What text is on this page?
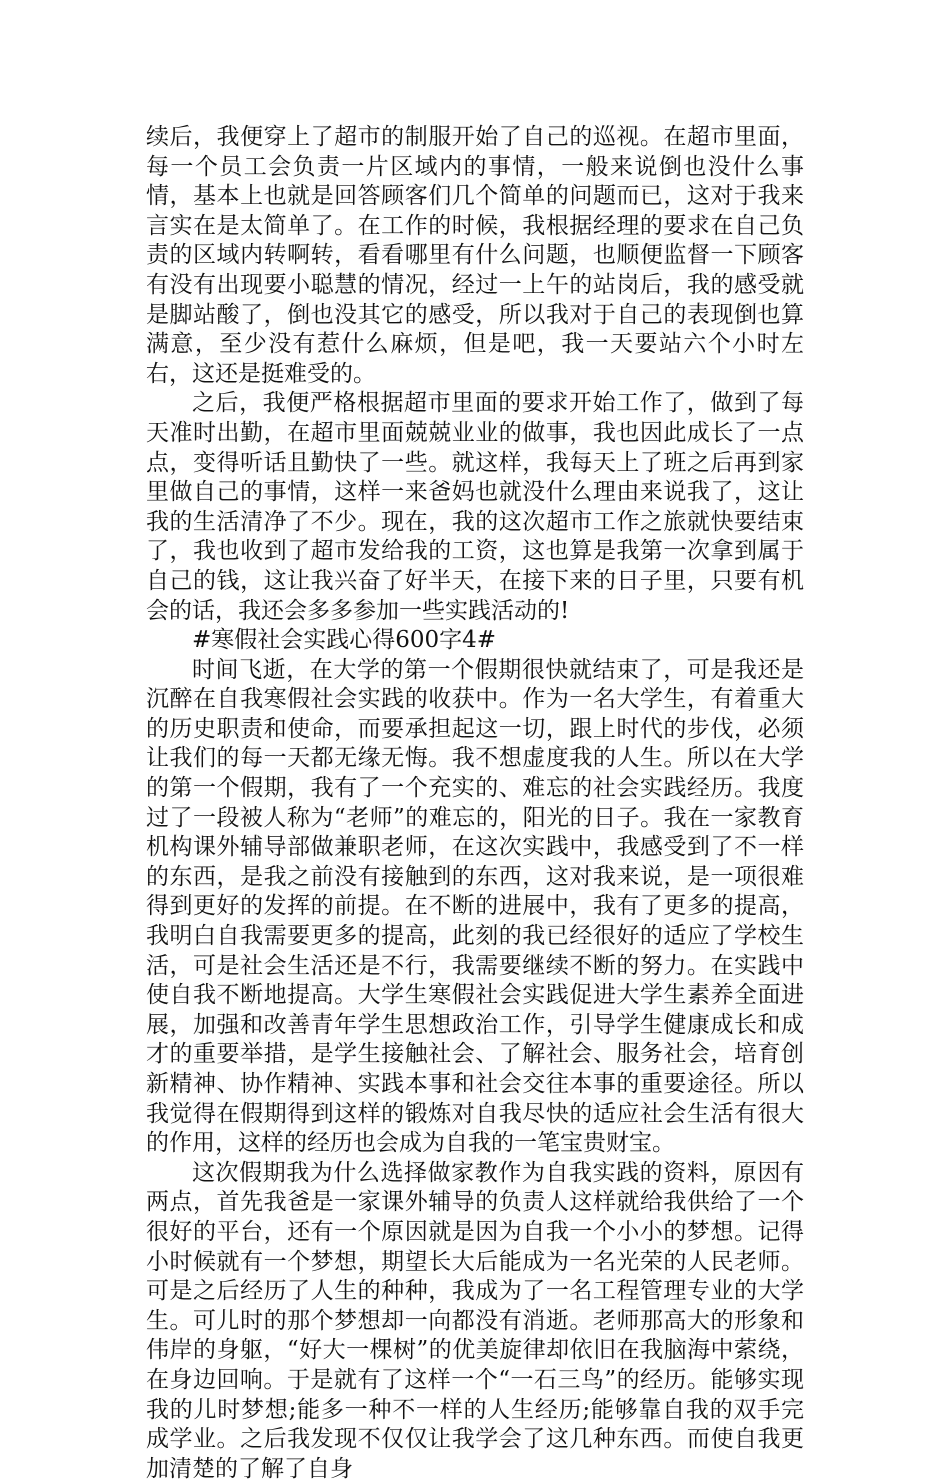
续后，我便穿上了超市的制服开始了自己的巡视。在超市里面，每一个员工会负责一片区域内的事情，一般来说倒也没什么事情，基本上也就是回答顾客们几个简单的问题而已，这对于我来言实在是太简单了。在工作的时候，我根据经理的要求在自己负责的区域内转啊转，看看哪里有什么问题，也顺便监督一下顾客有没有出现要小聪慧的情况，经过一上午的站岗后，我的感受就是脚站酸了，倒也没其它的感受，所以我对于自己的表现倒也算满意，至少没有惹什么麻烦，但是吧，我一天要站六个小时左右，这还是挺难受的。

之后，我便严格根据超市里面的要求开始工作了，做到了每天准时出勤，在超市里面兢兢业业的做事，我也因此成长了一点点，变得听话且勤快了一些。就这样，我每天上了班之后再到家里做自己的事情，这样一来爸妈也就没什么理由来说我了，这让我的生活清净了不少。现在，我的这次超市工作之旅就快要结束了，我也收到了超市发给我的工资，这也算是我第一次拿到属于自己的钱，这让我兴奋了好半天，在接下来的日子里，只要有机会的话，我还会多多参加一些实践活动的!

#寒假社会实践心得600字4#

时间飞逝，在大学的第一个假期很快就结束了，可是我还是沉醉在自我寒假社会实践的收获中。作为一名大学生，有着重大的历史职责和使命，而要承担起这一切，跟上时代的步伐，必须让我们的每一天都无缘无悔。我不想虚度我的人生。所以在大学的第一个假期，我有了一个充实的、难忘的社会实践经历。我度过了一段被人称为“老师”的难忘的，阳光的日子。我在一家教育机构课外辅导部做兼职老师，在这次实践中，我感受到了不一样的东西，是我之前没有接触到的东西，这对我来说，是一项很难得到更好的发挥的前提。在不断的进展中，我有了更多的提高，我明白自我需要更多的提高，此刻的我已经很好的适应了学校生活，可是社会生活还是不行，我需要继续不断的努力。在实践中使自我不断地提高。大学生寒假社会实践促进大学生素养全面进展，加强和改善青年学生思想政治工作，引导学生健康成长和成才的重要举措，是学生接触社会、了解社会、服务社会，培育创新精神、协作精神、实践本事和社会交往本事的重要途径。所以我觉得在假期得到这样的锻炼对自我尽快的适应社会生活有很大的作用，这样的经历也会成为自我的一笔宝贵财宝。

这次假期我为什么选择做家教作为自我实践的资料，原因有两点，首先我爸是一家课外辅导的负责人这样就给我供给了一个很好的平台，还有一个原因就是因为自我一个小小的梦想。记得小时候就有一个梦想，期望长大后能成为一名光荣的人民老师。可是之后经历了人生的种种，我成为了一名工程管理专业的大学生。可儿时的那个梦想却一向都没有消逝。老师那高大的形象和伟岸的身躯，“好大一棵树”的优美旋律却依旧在我脑海中萦绕，在身边回响。于是就有了这样一个“一石三鸟”的经历。能够实现我的儿时梦想;能多一种不一样的人生经历;能够靠自我的双手完成学业。之后我发现不仅仅让我学会了这几种东西。而使自我更加清楚的了解了自身
